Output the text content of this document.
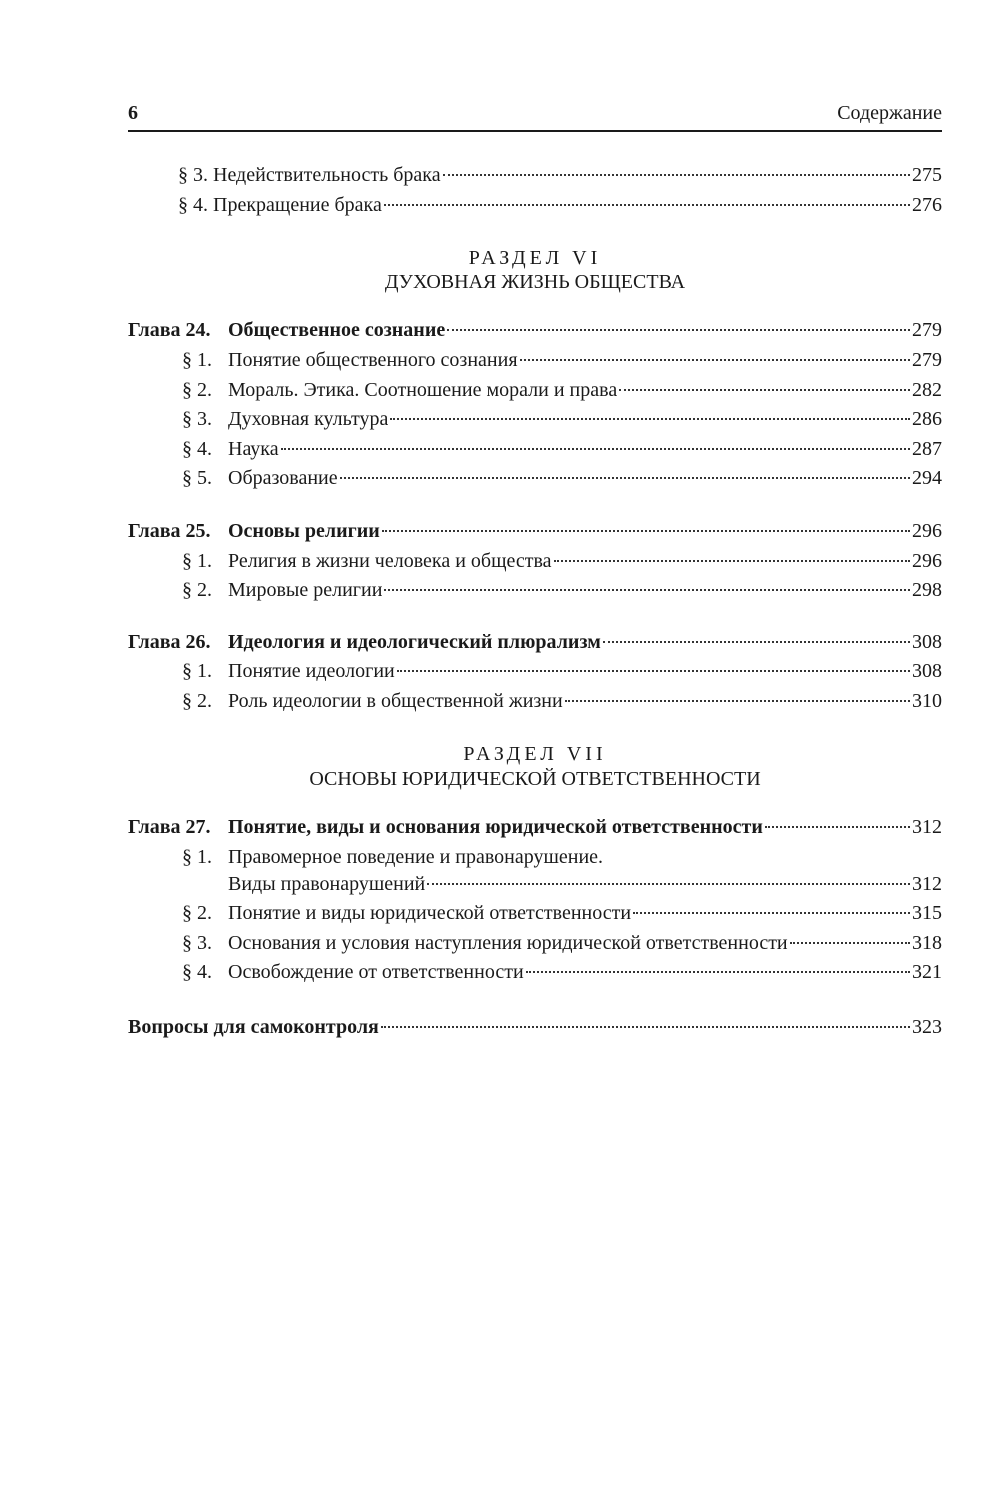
6	Содержание
§ 3. Недействительность брака	275
§ 4. Прекращение брака	276
РАЗДЕЛ VI
ДУХОВНАЯ ЖИЗНЬ ОБЩЕСТВА
Глава 24. Общественное сознание	279
§ 1. Понятие общественного сознания	279
§ 2. Мораль. Этика. Соотношение морали и права	282
§ 3. Духовная культура	286
§ 4. Наука	287
§ 5. Образование	294
Глава 25. Основы религии	296
§ 1. Религия в жизни человека и общества	296
§ 2. Мировые религии	298
Глава 26. Идеология и идеологический плюрализм	308
§ 1. Понятие идеологии	308
§ 2. Роль идеологии в общественной жизни	310
РАЗДЕЛ VII
ОСНОВЫ ЮРИДИЧЕСКОЙ ОТВЕТСТВЕННОСТИ
Глава 27. Понятие, виды и основания юридической ответственности	312
§ 1. Правомерное поведение и правонарушение.
Виды правонарушений	312
§ 2. Понятие и виды юридической ответственности	315
§ 3. Основания и условия наступления юридической ответственности	318
§ 4. Освобождение от ответственности	321
Вопросы для самоконтроля	323
